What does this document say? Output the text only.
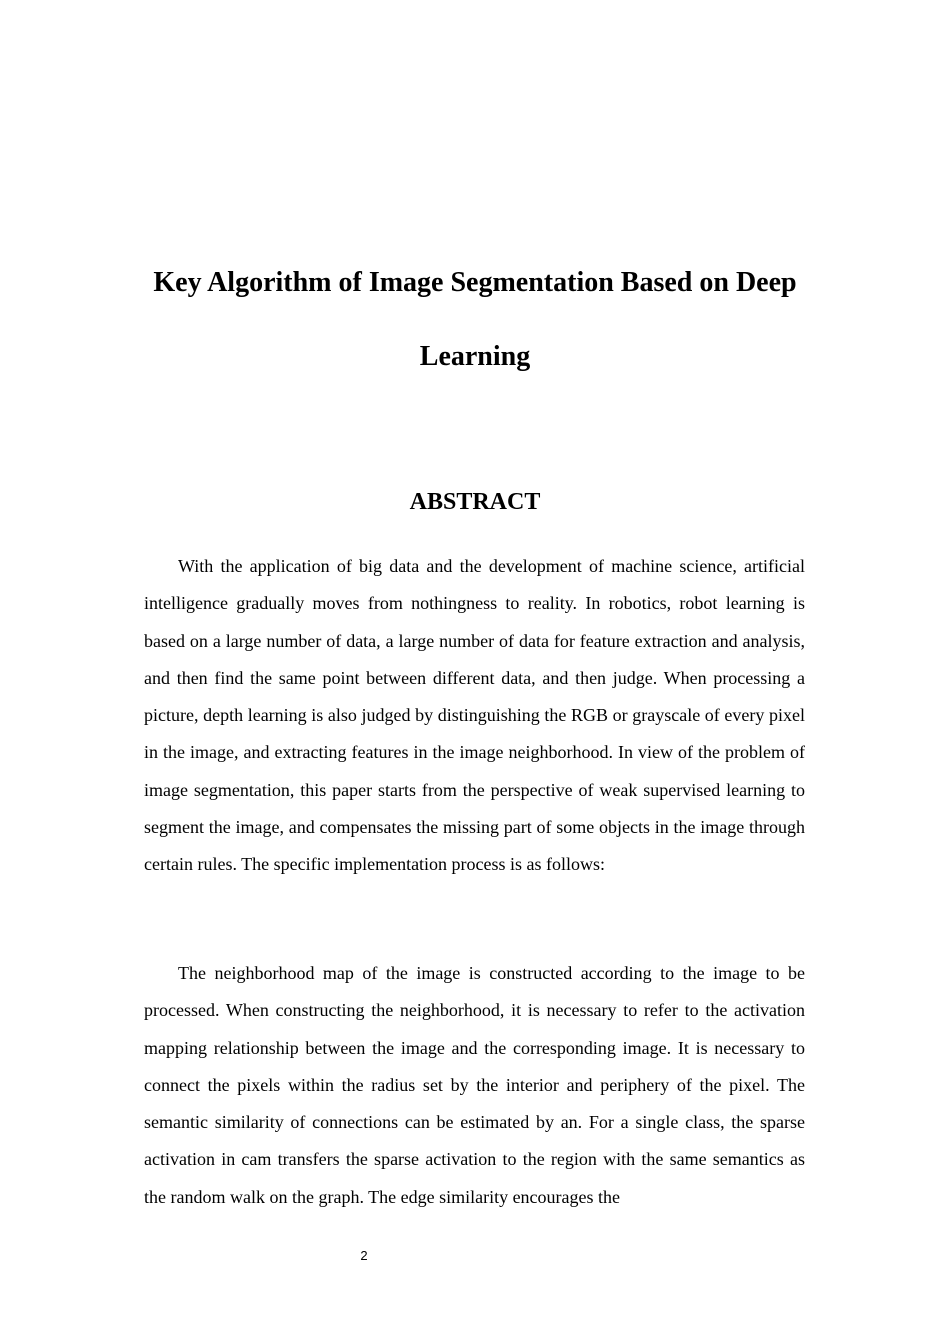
Key Algorithm of Image Segmentation Based on Deep Learning
ABSTRACT

With the application of big data and the development of machine science, artificial intelligence gradually moves from nothingness to reality. In robotics, robot learning is based on a large number of data, a large number of data for feature extraction and analysis, and then find the same point between different data, and then judge. When processing a picture, depth learning is also judged by distinguishing the RGB or grayscale of every pixel in the image, and extracting features in the image neighborhood. In view of the problem of image segmentation, this paper starts from the perspective of weak supervised learning to segment the image, and compensates the missing part of some objects in the image through certain rules. The specific implementation process is as follows:

The neighborhood map of the image is constructed according to the image to be processed. When constructing the neighborhood, it is necessary to refer to the activation mapping relationship between the image and the corresponding image. It is necessary to connect the pixels within the radius set by the interior and periphery of the pixel. The semantic similarity of connections can be estimated by an. For a single class, the sparse activation in cam transfers the sparse activation to the region with the same semantics as the random walk on the graph. The edge similarity encourages the

2
